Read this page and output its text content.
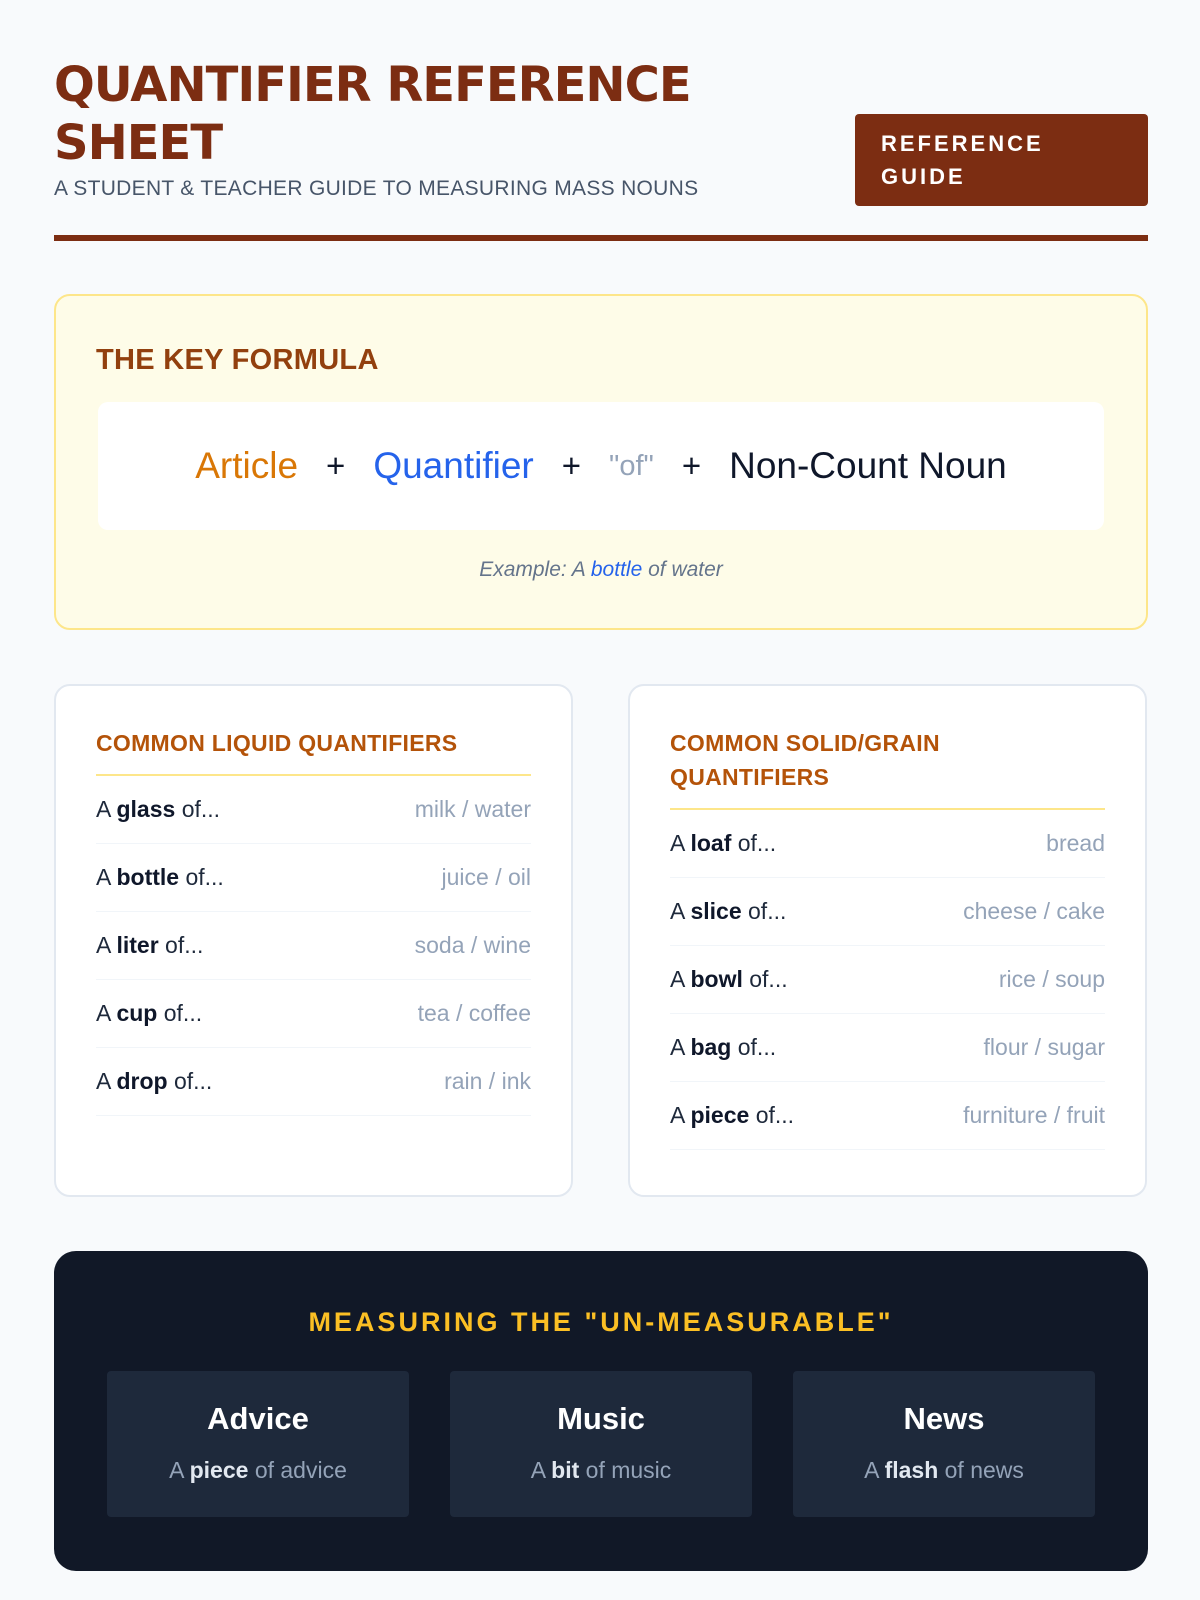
QUANTIFIER REFERENCE SHEET
A STUDENT & TEACHER GUIDE TO MEASURING MASS NOUNS
REFERENCE GUIDE
THE KEY FORMULA
Article + Quantifier + "of" + Non-Count Noun
Example: A bottle of water
COMMON LIQUID QUANTIFIERS
A glass of...	milk / water
A bottle of...	juice / oil
A liter of...	soda / wine
A cup of...	tea / coffee
A drop of...	rain / ink
COMMON SOLID/GRAIN QUANTIFIERS
A loaf of...	bread
A slice of...	cheese / cake
A bowl of...	rice / soup
A bag of...	flour / sugar
A piece of...	furniture / fruit
MEASURING THE "UN-MEASURABLE"
Advice
A piece of advice
Music
A bit of music
News
A flash of news
